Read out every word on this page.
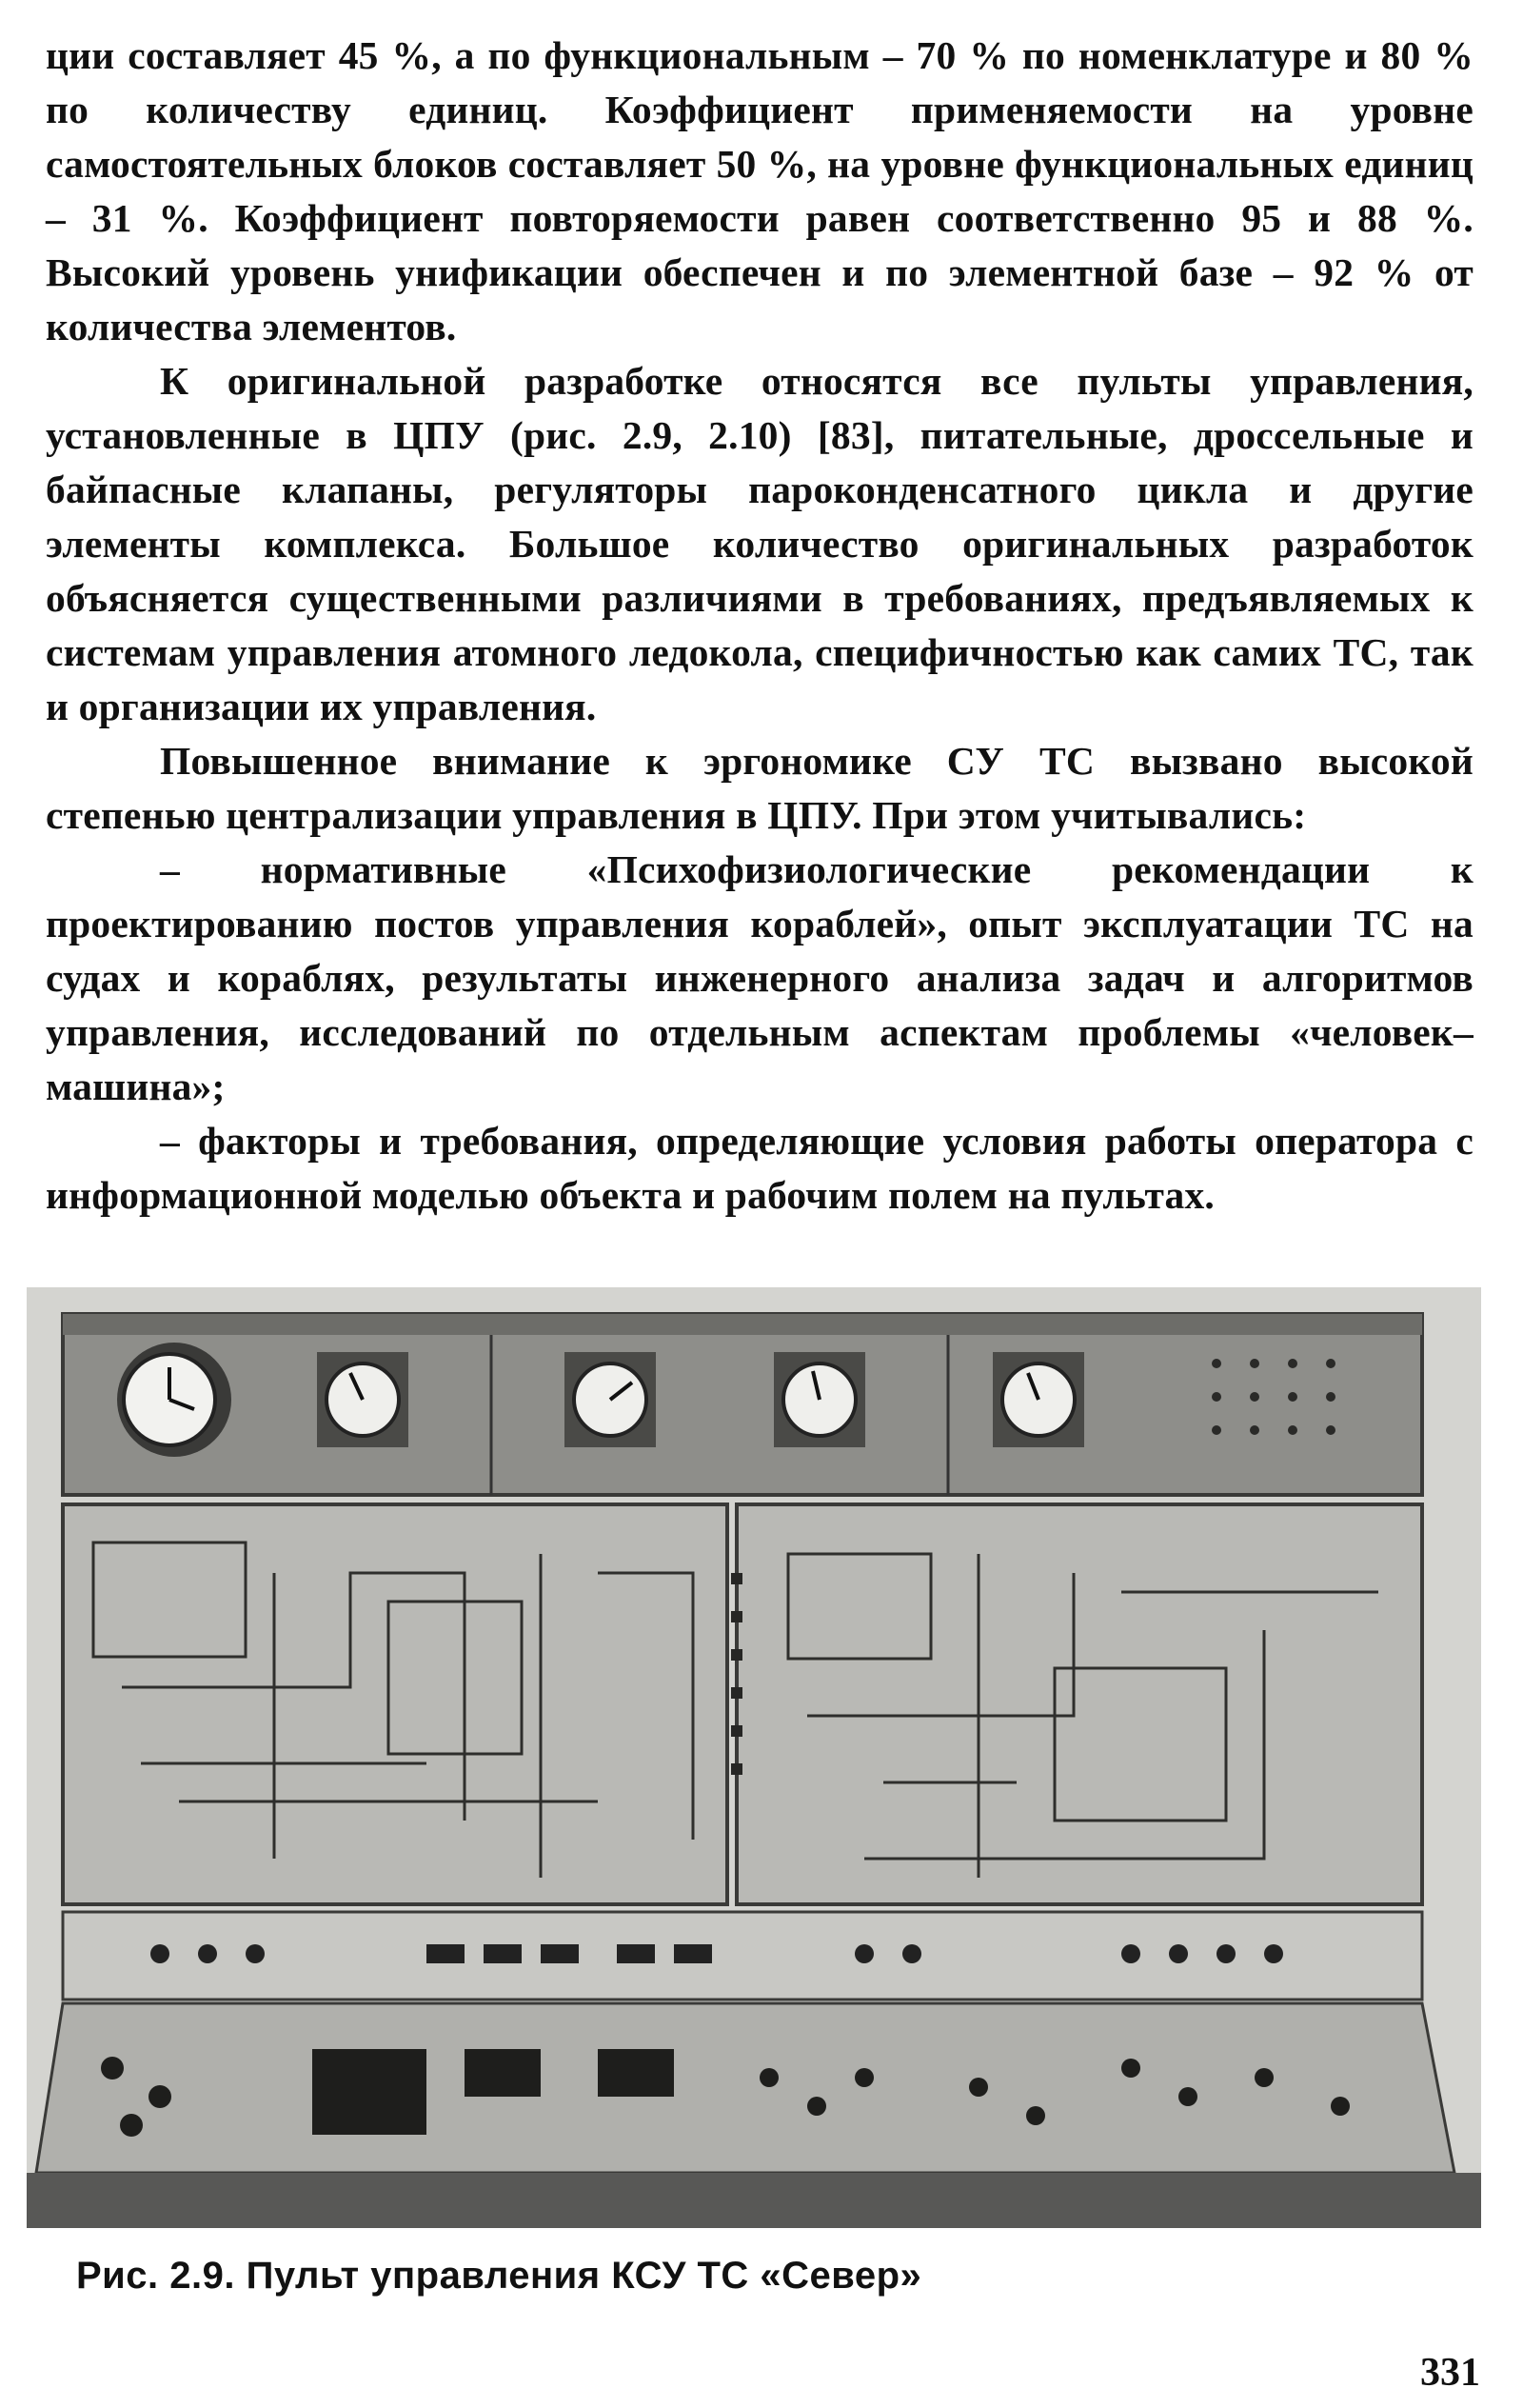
ции составляет 45 %, а по функциональным – 70 % по номенклатуре и 80 % по количеству единиц. Коэффициент применяемости на уровне самостоятельных блоков составляет 50 %, на уровне функциональных единиц – 31 %. Коэффициент повторяемости равен соответственно 95 и 88 %. Высокий уровень унификации обеспечен и по элементной базе – 92 % от количества элементов.

К оригинальной разработке относятся все пульты управления, установленные в ЦПУ (рис. 2.9, 2.10) [83], питательные, дроссельные и байпасные клапаны, регуляторы пароконденсатного цикла и другие элементы комплекса. Большое количество оригинальных разработок объясняется существенными различиями в требованиях, предъявляемых к системам управления атомного ледокола, специфичностью как самих ТС, так и организации их управления.

Повышенное внимание к эргономике СУ ТС вызвано высокой степенью централизации управления в ЦПУ. При этом учитывались:

– нормативные «Психофизиологические рекомендации к проектированию постов управления кораблей», опыт эксплуатации ТС на судах и кораблях, результаты инженерного анализа задач и алгоритмов управления, исследований по отдельным аспектам проблемы «человек–машина»;

– факторы и требования, определяющие условия работы оператора с информационной моделью объекта и рабочим полем на пультах.

Рис. 2.9. Пульт управления КСУ ТС «Север»
331
